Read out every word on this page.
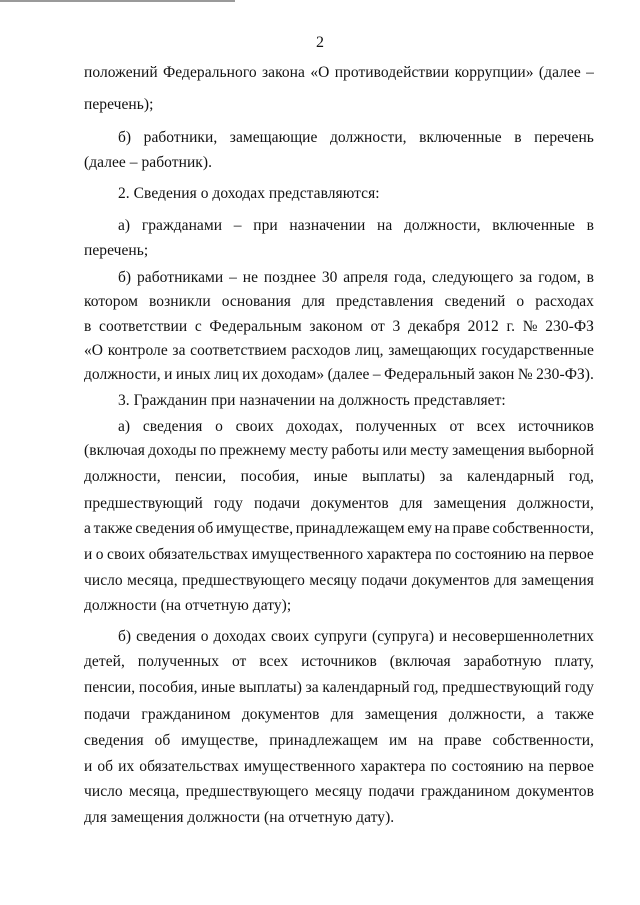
2
положений Федерального закона «О противодействии коррупции» (далее –
перечень);
б) работники, замещающие должности, включенные в перечень
(далее – работник).
2. Сведения о доходах представляются:
а) гражданами – при назначении на должности, включенные в
перечень;
б) работниками – не позднее 30 апреля года, следующего за годом, в
котором возникли основания для представления сведений о расходах
в соответствии с Федеральным законом от 3 декабря 2012 г. № 230-ФЗ
«О контроле за соответствием расходов лиц, замещающих государственные
должности, и иных лиц их доходам» (далее – Федеральный закон № 230-ФЗ).
3. Гражданин при назначении на должность представляет:
а) сведения о своих доходах, полученных от всех источников
(включая доходы по прежнему месту работы или месту замещения выборной
должности, пенсии, пособия, иные выплаты) за календарный год,
предшествующий году подачи документов для замещения должности,
а также сведения об имуществе, принадлежащем ему на праве собственности,
и о своих обязательствах имущественного характера по состоянию на первое
число месяца, предшествующего месяцу подачи документов для замещения
должности (на отчетную дату);
б) сведения о доходах своих супруги (супруга) и несовершеннолетних
детей, полученных от всех источников (включая заработную плату,
пенсии, пособия, иные выплаты) за календарный год, предшествующий году
подачи гражданином документов для замещения должности, а также
сведения об имуществе, принадлежащем им на праве собственности,
и об их обязательствах имущественного характера по состоянию на первое
число месяца, предшествующего месяцу подачи гражданином документов
для замещения должности (на отчетную дату).
